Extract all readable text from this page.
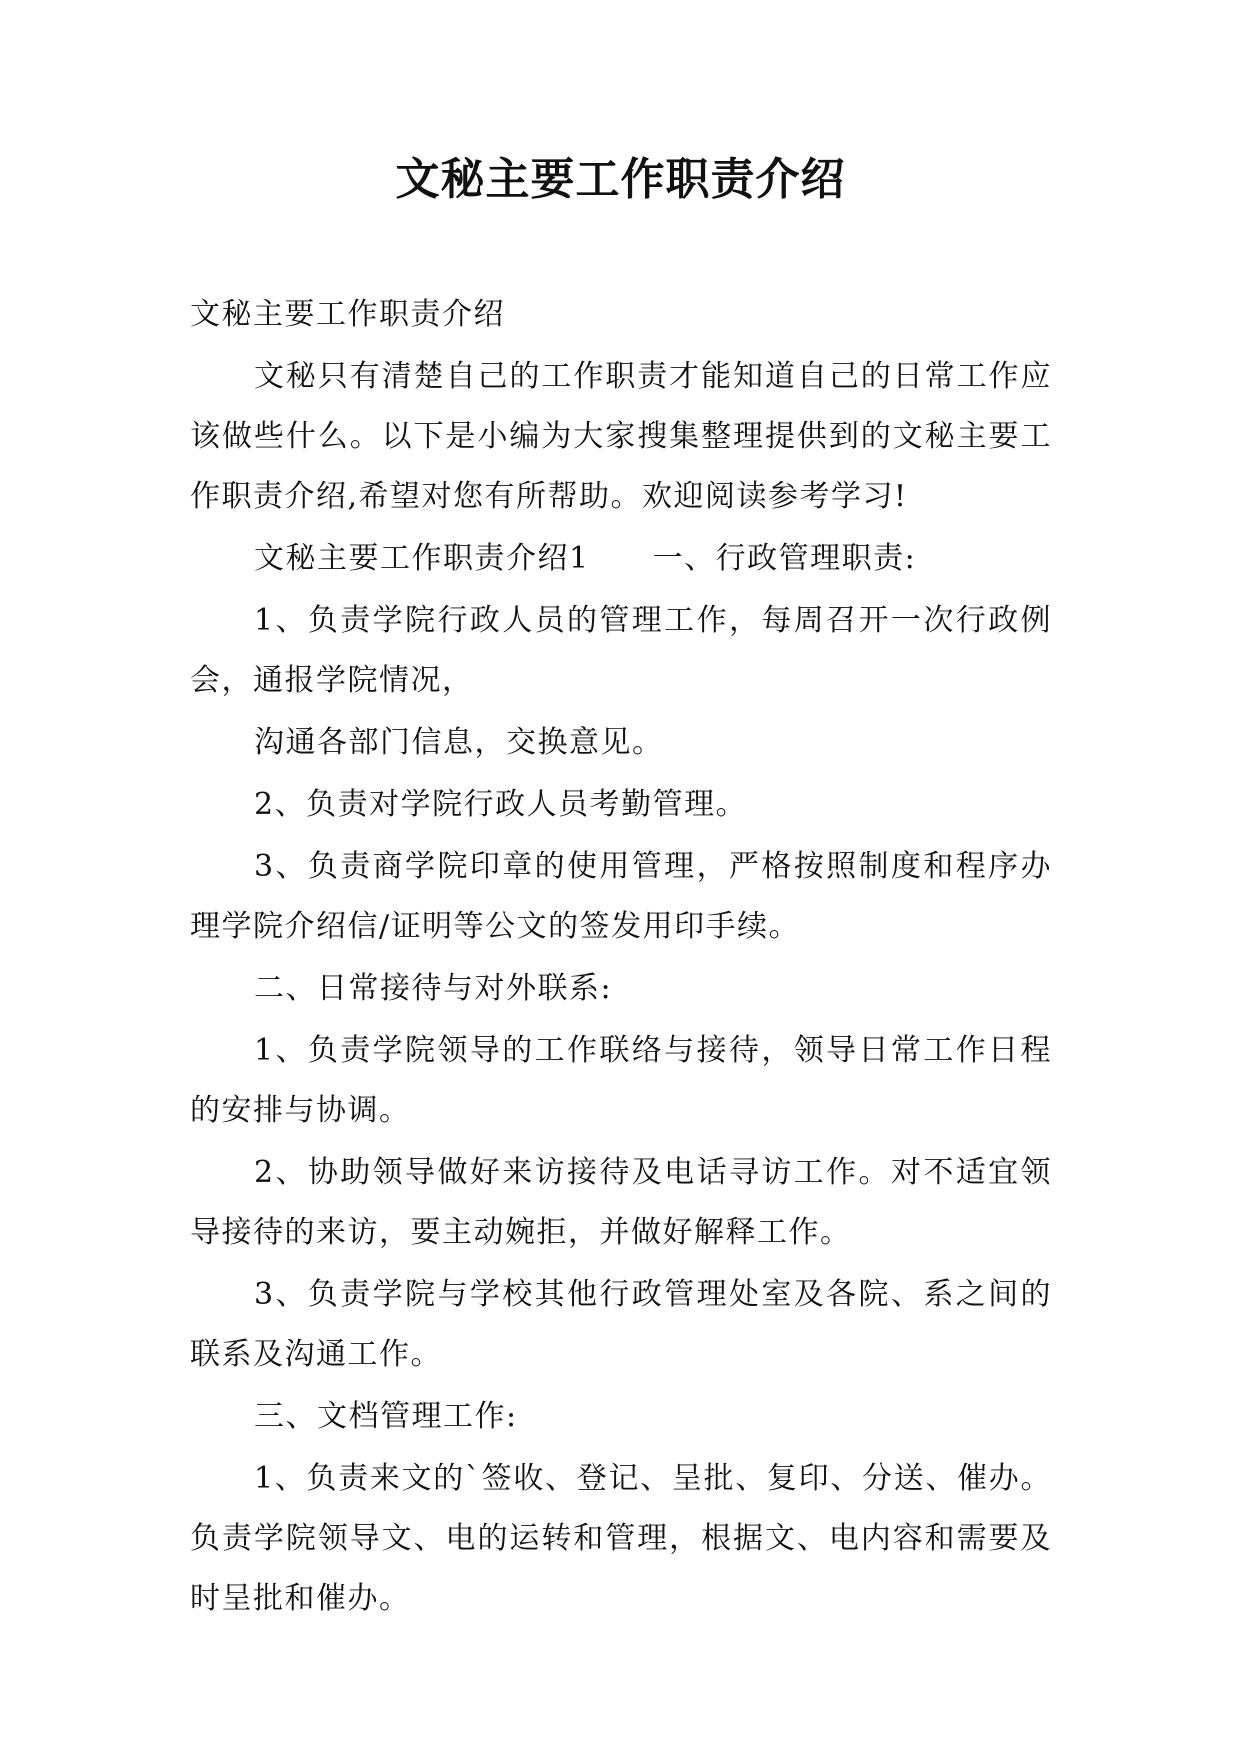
文秘主要工作职责介绍

文秘主要工作职责介绍

文秘只有清楚自己的工作职责才能知道自己的日常工作应该做些什么。以下是小编为大家搜集整理提供到的文秘主要工作职责介绍,希望对您有所帮助。欢迎阅读参考学习!

文秘主要工作职责介绍1　　一、行政管理职责:

1、负责学院行政人员的管理工作，每周召开一次行政例会，通报学院情况，

沟通各部门信息，交换意见。

2、负责对学院行政人员考勤管理。

3、负责商学院印章的使用管理，严格按照制度和程序办理学院介绍信/证明等公文的签发用印手续。

二、日常接待与对外联系:

1、负责学院领导的工作联络与接待，领导日常工作日程的安排与协调。

2、协助领导做好来访接待及电话寻访工作。对不适宜领导接待的来访，要主动婉拒，并做好解释工作。

3、负责学院与学校其他行政管理处室及各院、系之间的联系及沟通工作。

三、文档管理工作:

1、负责来文的`签收、登记、呈批、复印、分送、催办。负责学院领导文、电的运转和管理，根据文、电内容和需要及时呈批和催办。
